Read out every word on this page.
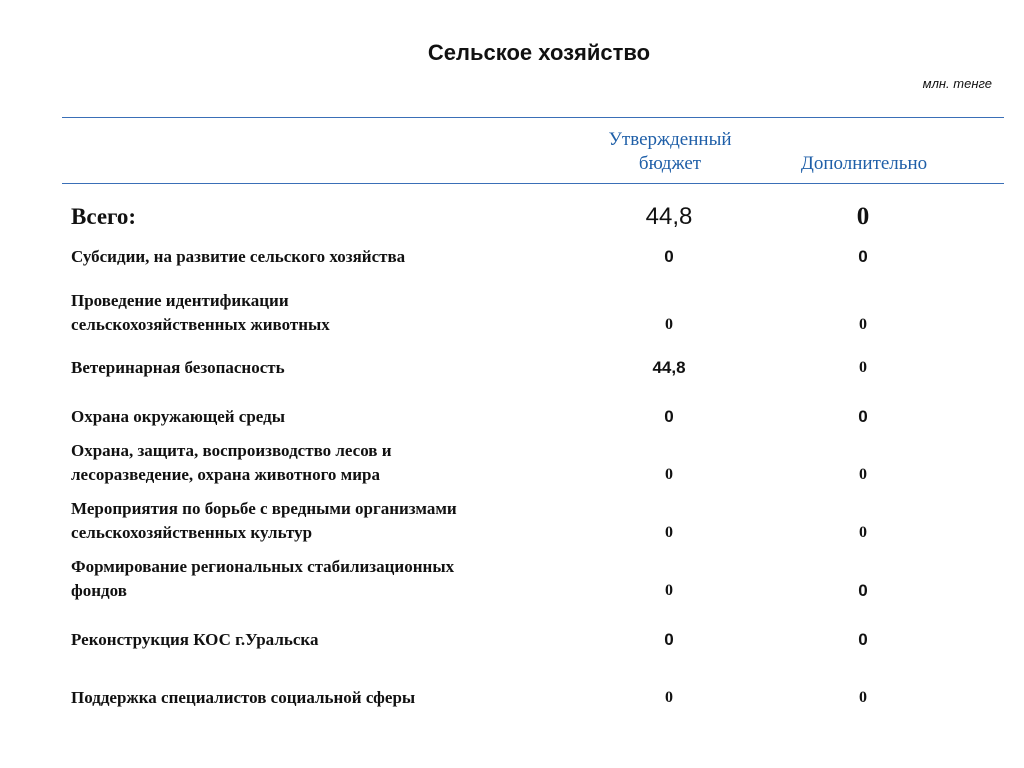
Сельское хозяйство
млн. тенге
Утвержденный
бюджет	Дополнительно
Всего:	44,8	0
Субсидии, на развитие сельского хозяйства	0	0
Проведение идентификации
сельскохозяйственных животных	0	0
Ветеринарная безопасность	44,8	0
Охрана окружающей среды	0	0
Охрана, защита, воспроизводство лесов и
лесоразведение, охрана животного мира	0	0
Мероприятия по борьбе с вредными организмами
сельскохозяйственных культур	0	0
Формирование региональных стабилизационных
фондов	0	0
Реконструкция КОС г.Уральска	0	0
Поддержка специалистов социальной сферы	0	0
